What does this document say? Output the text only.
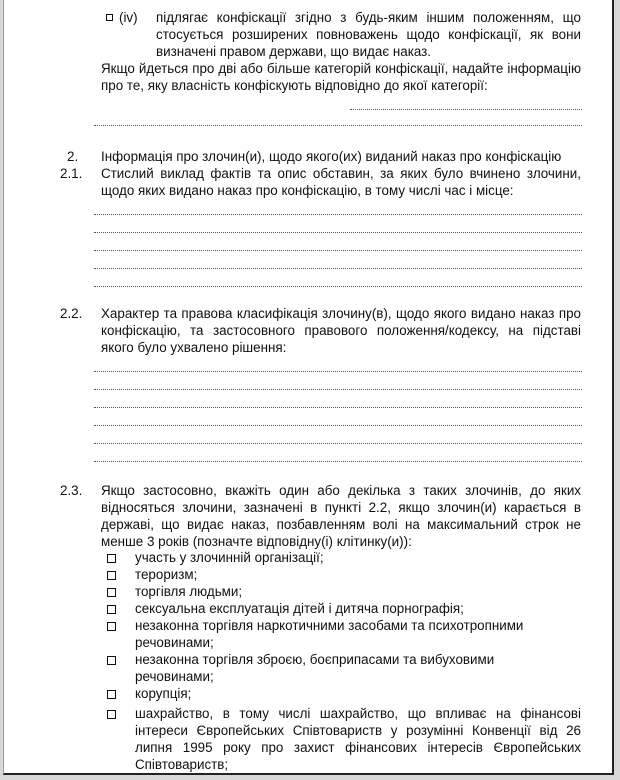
(iv) підлягає конфіскації згідно з будь-яким іншим положенням, що стосується розширених повноважень щодо конфіскації, як вони визначені правом держави, що видає наказ.
Якщо йдеться про дві або більше категорій конфіскації, надайте інформацію про те, яку власність конфіскують відповідно до якої категорії:
2. Інформація про злочин(и), щодо якого(их) виданий наказ про конфіскацію
2.1. Стислий виклад фактів та опис обставин, за яких було вчинено злочини, щодо яких видано наказ про конфіскацію, в тому числі час і місце:
2.2. Характер та правова класифікація злочину(в), щодо якого видано наказ про конфіскацію, та застосовного правового положення/кодексу, на підставі якого було ухвалено рішення:
2.3. Якщо застосовно, вкажіть один або декілька з таких злочинів, до яких відносяться злочини, зазначені в пункті 2.2, якщо злочин(и) карається в державі, що видає наказ, позбавленням волі на максимальний строк не менше 3 років (позначте відповідну(і) клітинку(и)):
участь у злочинній організації;
тероризм;
торгівля людьми;
сексуальна експлуатація дітей і дитяча порнографія;
незаконна торгівля наркотичними засобами та психотропними речовинами;
незаконна торгівля зброєю, боєприпасами та вибуховими речовинами;
корупція;
шахрайство, в тому числі шахрайство, що впливає на фінансові інтереси Європейських Співтовариств у розумінні Конвенції від 26 липня 1995 року про захист фінансових інтересів Європейських Співтовариств;
